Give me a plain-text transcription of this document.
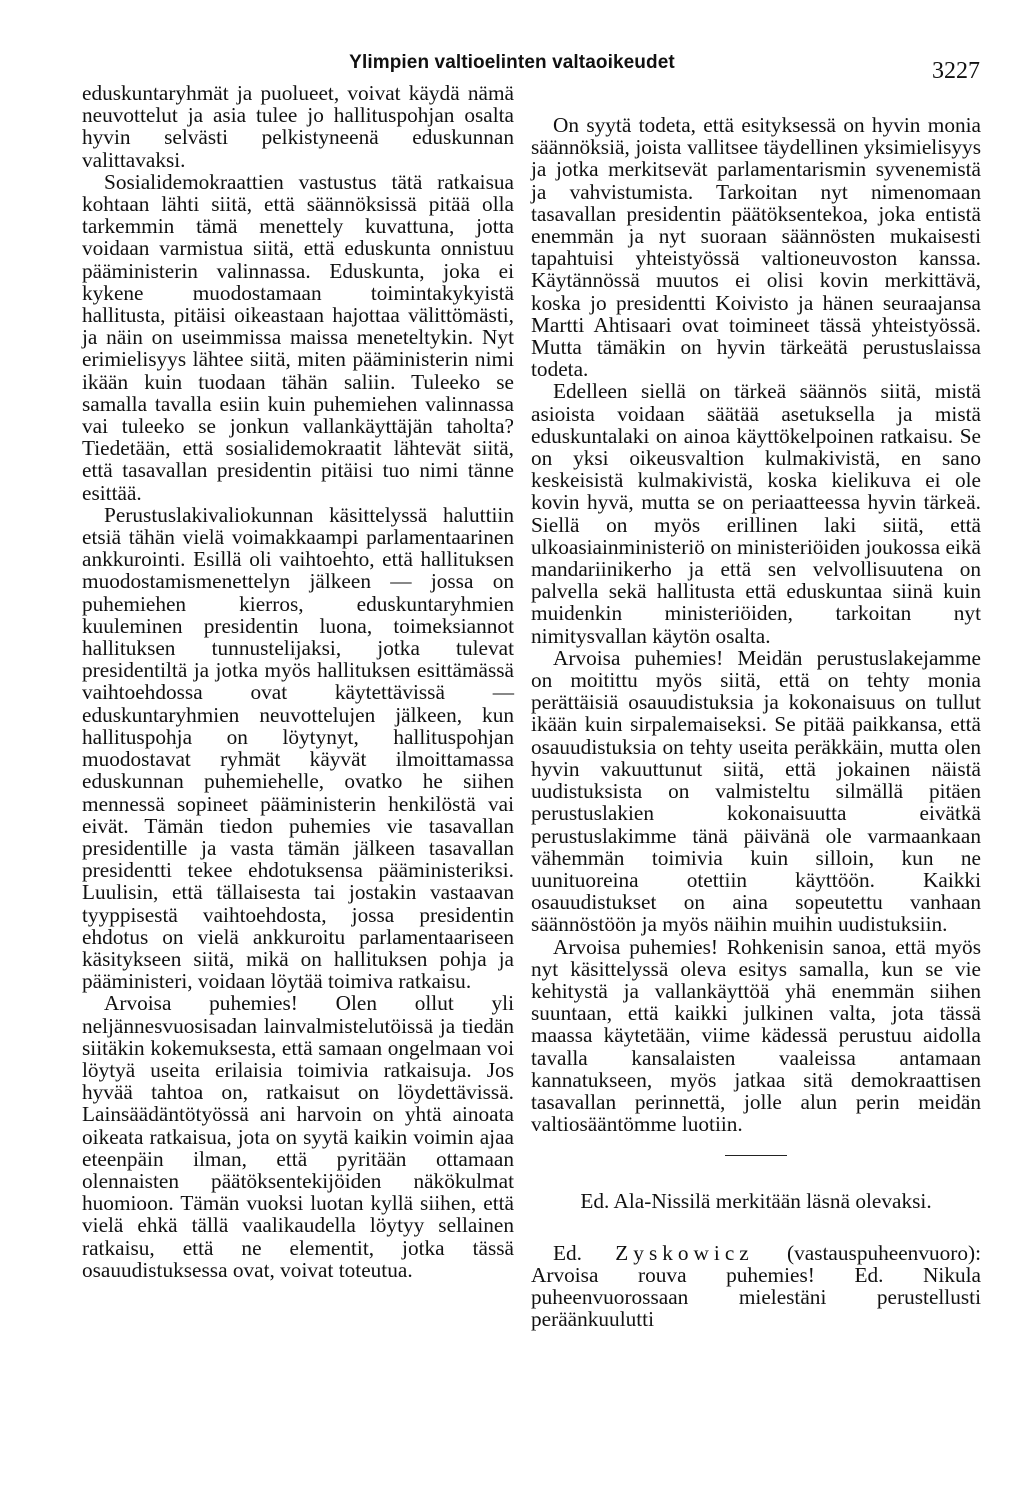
Ylimpien valtioelinten valtaoikeudet	3227

eduskuntaryhmät ja puolueet, voivat käydä nämä neuvottelut ja asia tulee jo hallituspohjan osalta hyvin selvästi pelkistyneenä eduskunnan valittavaksi.

Sosialidemokraattien vastustus tätä ratkaisua kohtaan lähti siitä, että säännöksissä pitää olla tarkemmin tämä menettely kuvattuna, jotta voidaan varmistua siitä, että eduskunta onnistuu pääministerin valinnassa. Eduskunta, joka ei kykene muodostamaan toimintakykyistä hallitusta, pitäisi oikeastaan hajottaa välittömästi, ja näin on useimmissa maissa meneteltykin. Nyt erimielisyys lähtee siitä, miten pääministerin nimi ikään kuin tuodaan tähän saliin. Tuleeko se samalla tavalla esiin kuin puhemiehen valinnassa vai tuleeko se jonkun vallankäyttäjän taholta? Tiedetään, että sosialidemokraatit lähtevät siitä, että tasavallan presidentin pitäisi tuo nimi tänne esittää.

Perustuslakivaliokunnan käsittelyssä haluttiin etsiä tähän vielä voimakkaampi parlamentaarinen ankkurointi. Esillä oli vaihtoehto, että hallituksen muodostamismenettelyn jälkeen — jossa on puhemiehen kierros, eduskuntaryhmien kuuleminen presidentin luona, toimeksiannot hallituksen tunnustelijaksi, jotka tulevat presidentiltä ja jotka myös hallituksen esittämässä vaihtoehdossa ovat käytettävissä — eduskuntaryhmien neuvottelujen jälkeen, kun hallituspohja on löytynyt, hallituspohjan muodostavat ryhmät käyvät ilmoittamassa eduskunnan puhemiehelle, ovatko he siihen mennessä sopineet pääministerin henkilöstä vai eivät. Tämän tiedon puhemies vie tasavallan presidentille ja vasta tämän jälkeen tasavallan presidentti tekee ehdotuksensa pääministeriksi. Luulisin, että tällaisesta tai jostakin vastaavan tyyppisestä vaihtoehdosta, jossa presidentin ehdotus on vielä ankkuroitu parlamentaariseen käsitykseen siitä, mikä on hallituksen pohja ja pääministeri, voidaan löytää toimiva ratkaisu.

Arvoisa puhemies! Olen ollut yli neljännesvuosisadan lainvalmistelutöissä ja tiedän siitäkin kokemuksesta, että samaan ongelmaan voi löytyä useita erilaisia toimivia ratkaisuja. Jos hyvää tahtoa on, ratkaisut on löydettävissä. Lainsäädäntötyössä ani harvoin on yhtä ainoata oikeata ratkaisua, jota on syytä kaikin voimin ajaa eteenpäin ilman, että pyritään ottamaan olennaisten päätöksentekijöiden näkökulmat huomioon. Tämän vuoksi luotan kyllä siihen, että vielä ehkä tällä vaalikaudella löytyy sellainen ratkaisu, että ne elementit, jotka tässä osauudistuksessa ovat, voivat toteutua.

On syytä todeta, että esityksessä on hyvin monia säännöksiä, joista vallitsee täydellinen yksimielisyys ja jotka merkitsevät parlamentarismin syvenemistä ja vahvistumista. Tarkoitan nyt nimenomaan tasavallan presidentin päätöksentekoa, joka entistä enemmän ja nyt suoraan säännösten mukaisesti tapahtuisi yhteistyössä valtioneuvoston kanssa. Käytännössä muutos ei olisi kovin merkittävä, koska jo presidentti Koivisto ja hänen seuraajansa Martti Ahtisaari ovat toimineet tässä yhteistyössä. Mutta tämäkin on hyvin tärkeätä perustuslaissa todeta.

Edelleen siellä on tärkeä säännös siitä, mistä asioista voidaan säätää asetuksella ja mistä eduskuntalaki on ainoa käyttökelpoinen ratkaisu. Se on yksi oikeusvaltion kulmakivistä, en sano keskeisistä kulmakivistä, koska kielikuva ei ole kovin hyvä, mutta se on periaatteessa hyvin tärkeä. Siellä on myös erillinen laki siitä, että ulkoasiainministeriö on ministeriöiden joukossa eikä mandariinikerho ja että sen velvollisuutena on palvella sekä hallitusta että eduskuntaa siinä kuin muidenkin ministeriöiden, tarkoitan nyt nimitysvallan käytön osalta.

Arvoisa puhemies! Meidän perustuslakejamme on moitittu myös siitä, että on tehty monia perättäisiä osauudistuksia ja kokonaisuus on tullut ikään kuin sirpalemaiseksi. Se pitää paikkansa, että osauudistuksia on tehty useita peräkkäin, mutta olen hyvin vakuuttunut siitä, että jokainen näistä uudistuksista on valmisteltu silmällä pitäen perustuslakien kokonaisuutta eivätkä perustuslakimme tänä päivänä ole varmaankaan vähemmän toimivia kuin silloin, kun ne uunituoreina otettiin käyttöön. Kaikki osauudistukset on aina sopeutettu vanhaan säännöstöön ja myös näihin muihin uudistuksiin.

Arvoisa puhemies! Rohkenisin sanoa, että myös nyt käsittelyssä oleva esitys samalla, kun se vie kehitystä ja vallankäyttöä yhä enemmän siihen suuntaan, että kaikki julkinen valta, jota tässä maassa käytetään, viime kädessä perustuu aidolla tavalla kansalaisten vaaleissa antamaan kannatukseen, myös jatkaa sitä demokraattisen tasavallan perinnettä, jolle alun perin meidän valtiosääntömme luotiin.

Ed. Ala-Nissilä merkitään läsnä olevaksi.

Ed. Zyskowicz (vastauspuheenvuoro): Arvoisa rouva puhemies! Ed. Nikula puheenvuorossaan mielestäni perustellusti peräänkuulutti
